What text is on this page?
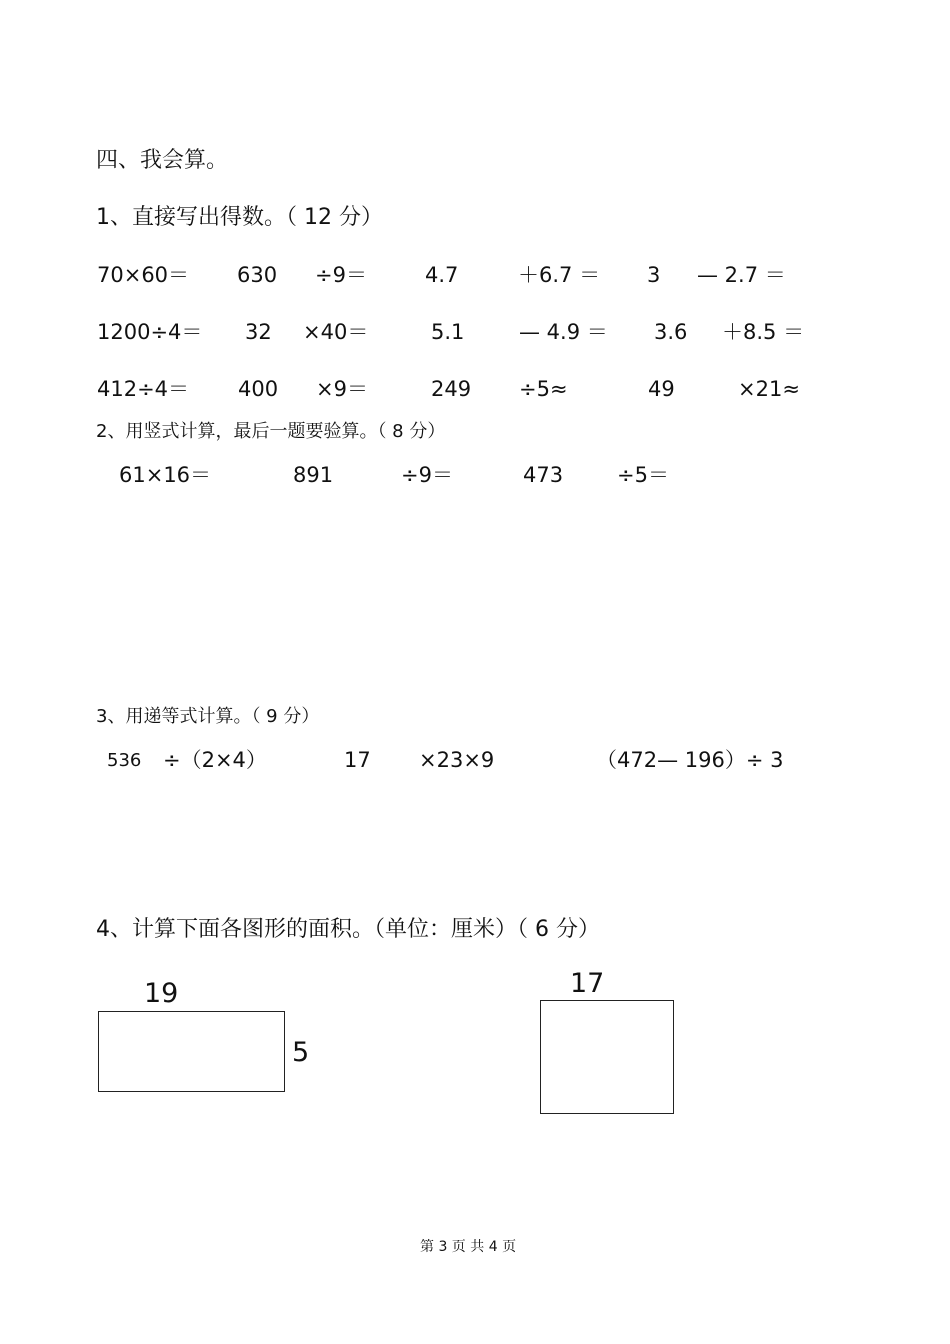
四、我会算。
1、直接写出得数。（ 12 分）
70×60＝ 630 ÷9＝	4.7	＋6.7 ＝ 3 — 2.7 ＝
1200÷4＝ 32 ×40＝	5.1	— 4.9 ＝ 3.6 ＋8.5 ＝
412÷4＝ 400 ×9＝	249 ÷5≈	49	×21≈
2、用竖式计算，最后一题要验算。（ 8 分）
61×16＝	891	÷9＝	473	÷5＝
3、用递等式计算。（ 9 分）
536 ÷（2×4）	17 ×23×9	（472— 196）÷ 3
4、计算下面各图形的面积。（单位：厘米）（ 6 分）
19
5
17
第 3 页 共 4 页
